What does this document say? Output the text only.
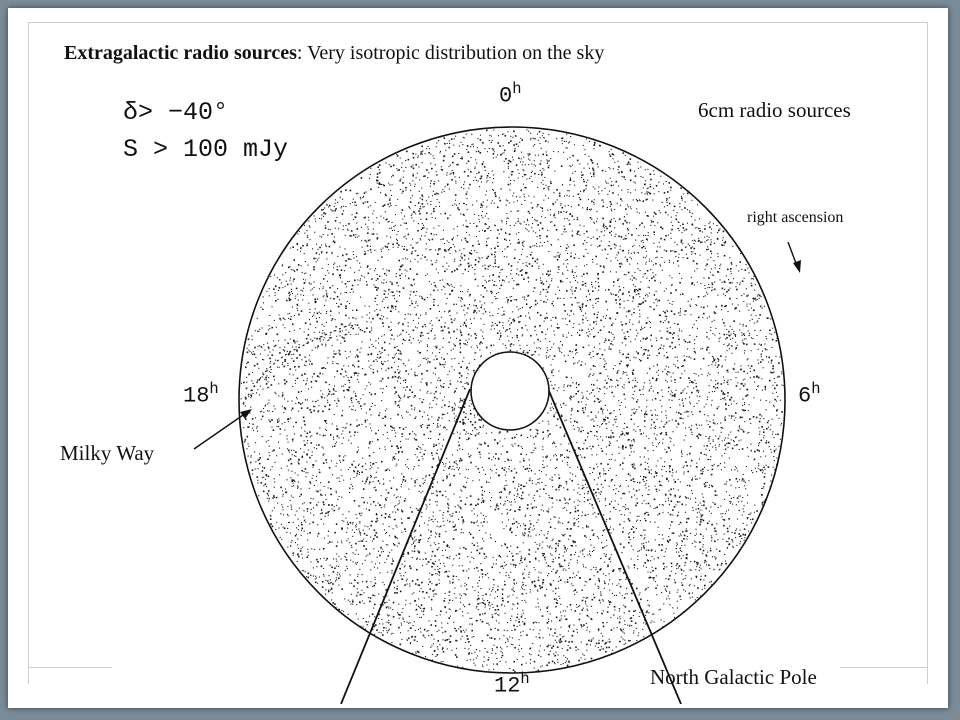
Extragalactic radio sources: Very isotropic distribution on the sky
δ> −40°
S > 100 mJy
0$^h$
6$^h$
12$^h$
18$^h$
6cm radio sources
right ascension
Milky Way
North Galactic Pole
